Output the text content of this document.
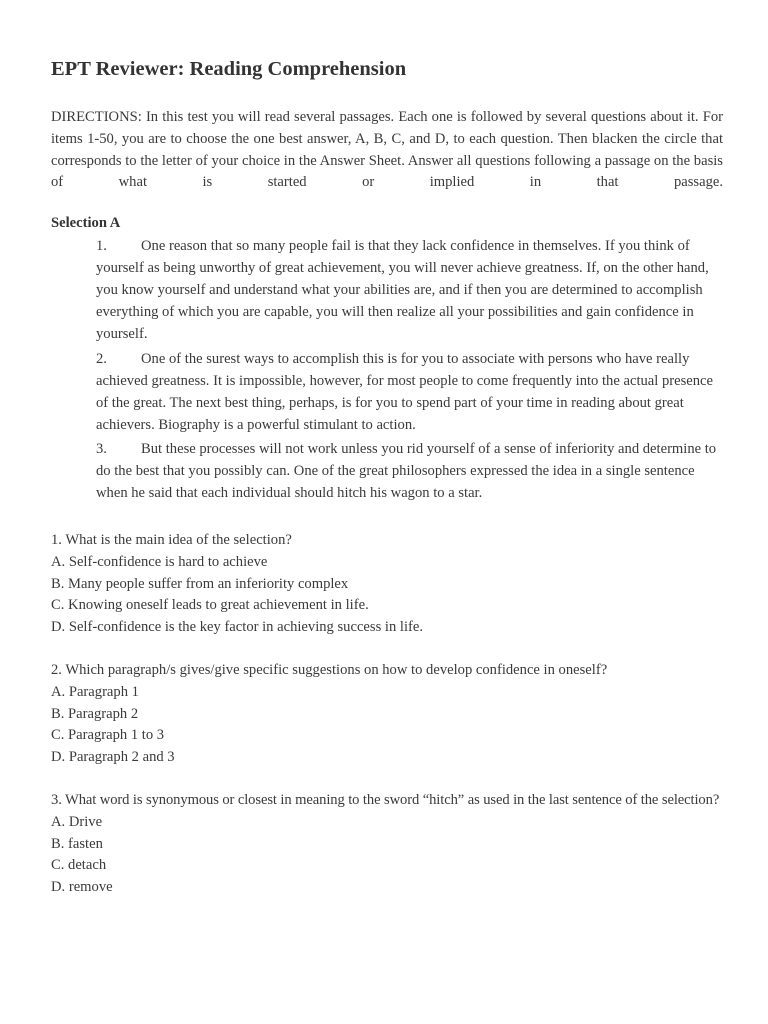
EPT Reviewer: Reading Comprehension

DIRECTIONS: In this test you will read several passages. Each one is followed by several questions about it. For items 1-50, you are to choose the one best answer, A, B, C, and D, to each question. Then blacken the circle that corresponds to the letter of your choice in the Answer Sheet. Answer all questions following a passage on the basis of what is started or implied in that passage.

Selection A

1. One reason that so many people fail is that they lack confidence in themselves. If you think of yourself as being unworthy of great achievement, you will never achieve greatness. If, on the other hand, you know yourself and understand what your abilities are, and if then you are determined to accomplish everything of which you are capable, you will then realize all your possibilities and gain confidence in yourself.

2. One of the surest ways to accomplish this is for you to associate with persons who have really achieved greatness. It is impossible, however, for most people to come frequently into the actual presence of the great. The next best thing, perhaps, is for you to spend part of your time in reading about great achievers. Biography is a powerful stimulant to action.

3. But these processes will not work unless you rid yourself of a sense of inferiority and determine to do the best that you possibly can. One of the great philosophers expressed the idea in a single sentence when he said that each individual should hitch his wagon to a star.

1. What is the main idea of the selection?
A. Self-confidence is hard to achieve
B. Many people suffer from an inferiority complex
C. Knowing oneself leads to great achievement in life.
D. Self-confidence is the key factor in achieving success in life.
2. Which paragraph/s gives/give specific suggestions on how to develop confidence in oneself?
A. Paragraph 1
B. Paragraph 2
C. Paragraph 1 to 3
D. Paragraph 2 and 3
3. What word is synonymous or closest in meaning to the sword “hitch” as used in the last sentence of the selection?
A. Drive
B. fasten
C. detach
D. remove
